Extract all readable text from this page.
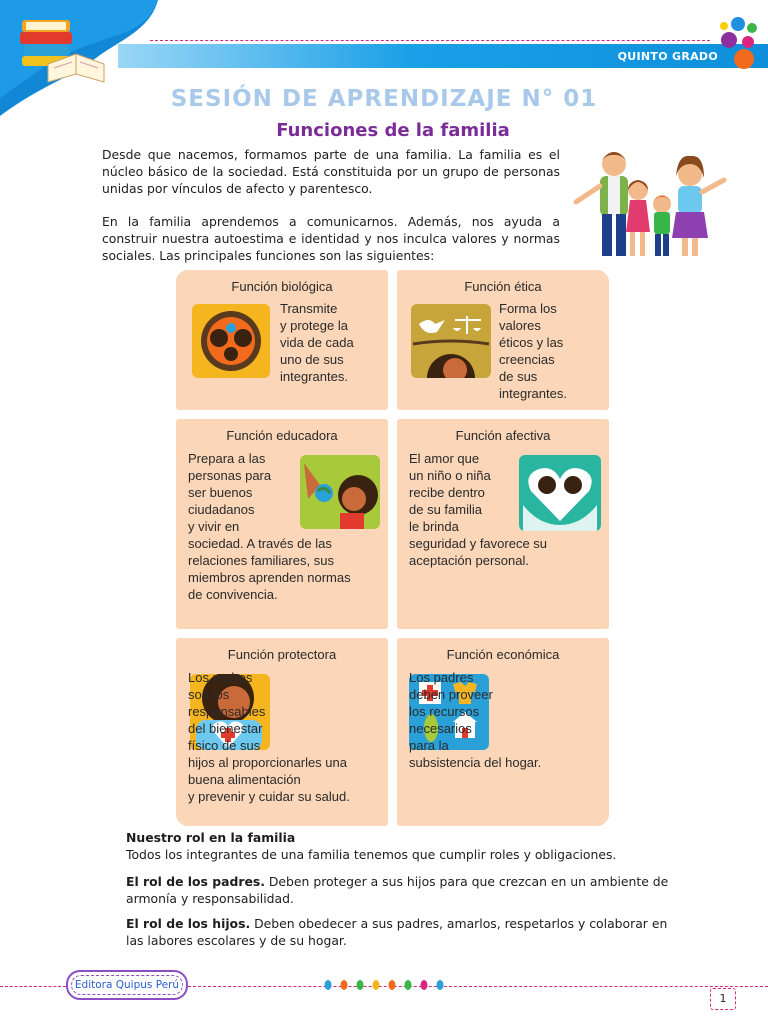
QUINTO GRADO
SESIÓN DE APRENDIZAJE N° 01
Funciones de la familia
Desde que nacemos, formamos parte de una familia. La familia es el núcleo básico de la sociedad. Está constituida por un grupo de personas unidas por vínculos de afecto y parentesco.
En la familia aprendemos a comunicarnos. Además, nos ayuda a construir nuestra autoestima e identidad y nos inculca valores y normas sociales. Las principales funciones son las siguientes:
Función biológica
Transmite
y protege la
vida de cada
uno de sus
integrantes.
Función ética
Forma los
valores
éticos y las
creencias
de sus
integrantes.
Función educadora
Prepara a las
personas para
ser buenos
ciudadanos
y vivir en
sociedad. A través de las
relaciones familiares, sus
miembros aprenden normas
de convivencia.
Función afectiva
El amor que
un niño o niña
recibe dentro
de su familia
le brinda
seguridad y favorece su
aceptación personal.
Función protectora
Los padres
son los
responsables
del bienestar
físico de sus
hijos al proporcionarles una
buena alimentación
y prevenir y cuidar su salud.
Función económica
Los padres
deben proveer
los recursos
necesarios
para la
subsistencia del hogar.
Nuestro rol en la familia
Todos los integrantes de una familia tenemos que cumplir roles y obligaciones.
El rol de los padres. Deben proteger a sus hijos para que crezcan en un ambiente de armonía y responsabilidad.
El rol de los hijos. Deben obedecer a sus padres, amarlos, respetarlos y colaborar en las labores escolares y de su hogar.
Editora Quipus Perú
1
